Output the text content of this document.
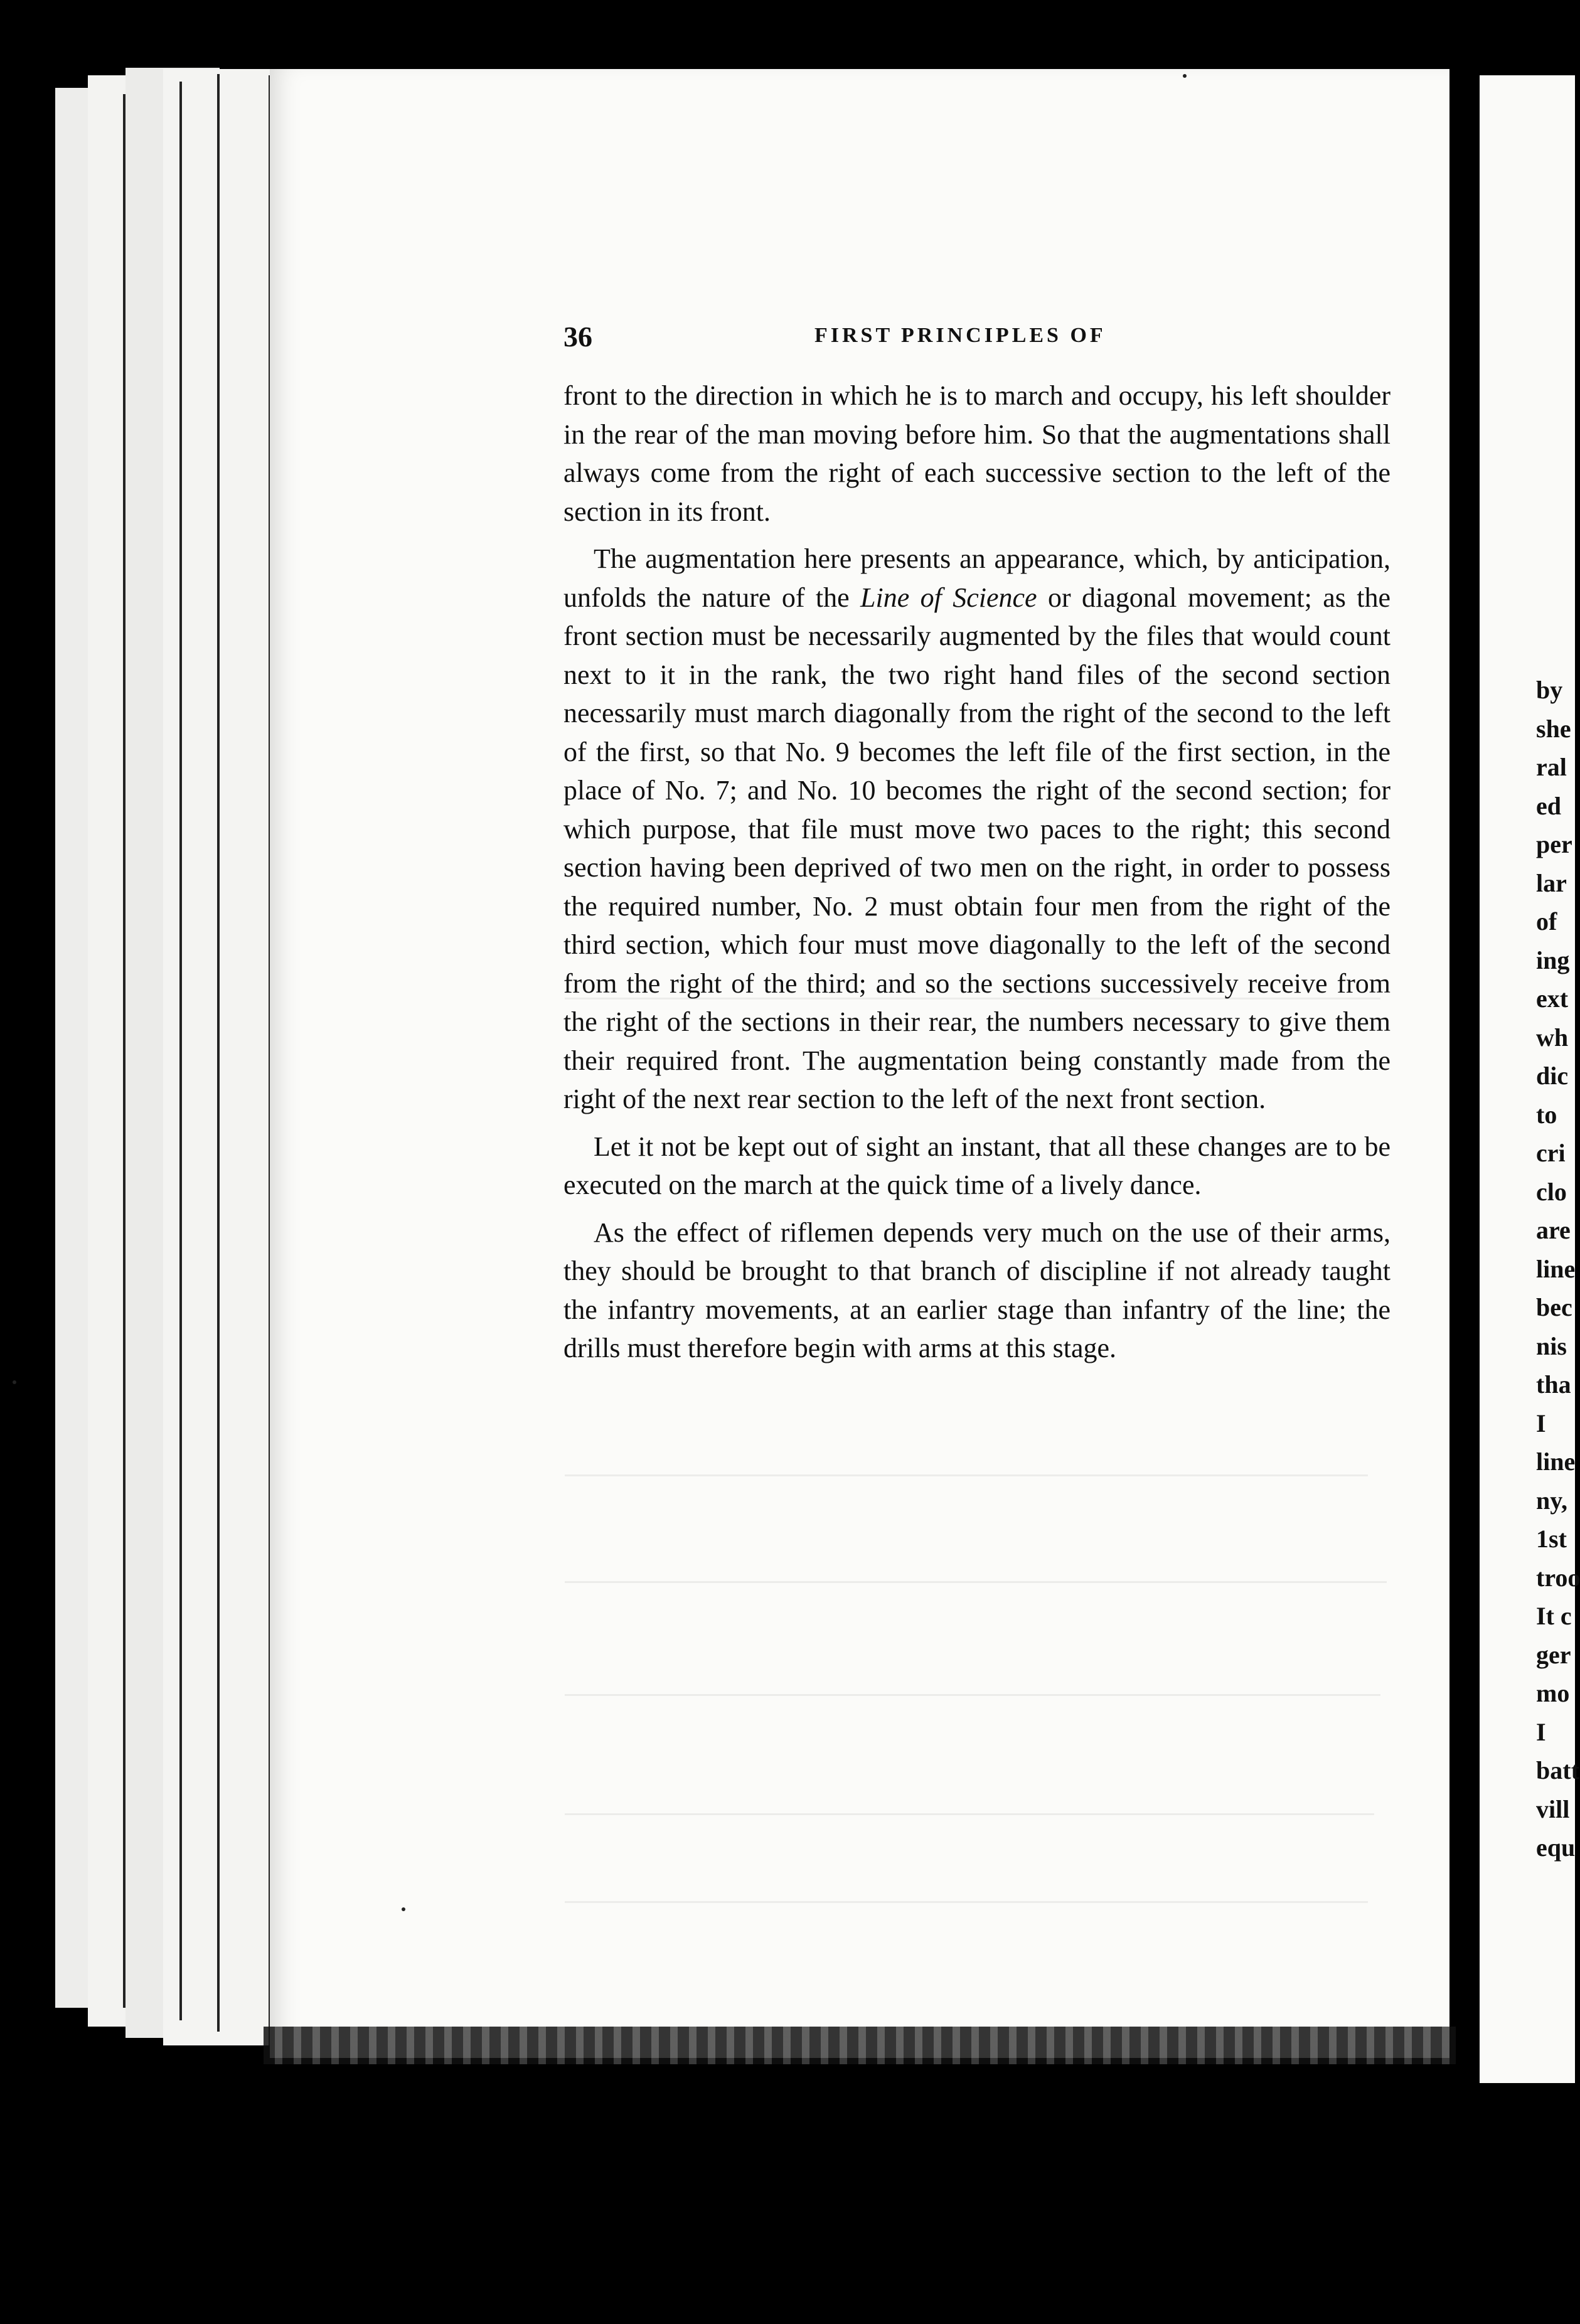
by
she
ral
ed
per
lar
of
ing
ext
wh
dic
to
cri
clo
are
line
bec
nis
tha
I
line
ny,
1st
troo
It c
ger
mo
I
batt
vill
equ
36	FIRST PRINCIPLES OF

front to the direction in which he is to march and occupy, his left shoulder in the rear of the man moving before him. So that the augmentations shall always come from the right of each successive section to the left of the section in its front.

The augmentation here presents an appearance, which, by anticipation, unfolds the nature of the Line of Science or diagonal movement; as the front section must be necessarily augmented by the files that would count next to it in the rank, the two right hand files of the second section necessarily must march diagonally from the right of the second to the left of the first, so that No. 9 becomes the left file of the first section, in the place of No. 7; and No. 10 becomes the right of the second section; for which purpose, that file must move two paces to the right; this second section having been deprived of two men on the right, in order to possess the required number, No. 2 must obtain four men from the right of the third section, which four must move diagonally to the left of the second from the right of the third; and so the sections successively receive from the right of the sections in their rear, the numbers necessary to give them their required front. The augmentation being constantly made from the right of the next rear section to the left of the next front section.

Let it not be kept out of sight an instant, that all these changes are to be executed on the march at the quick time of a lively dance.

As the effect of riflemen depends very much on the use of their arms, they should be brought to that branch of discipline if not already taught the infantry movements, at an earlier stage than infantry of the line; the drills must therefore begin with arms at this stage.
